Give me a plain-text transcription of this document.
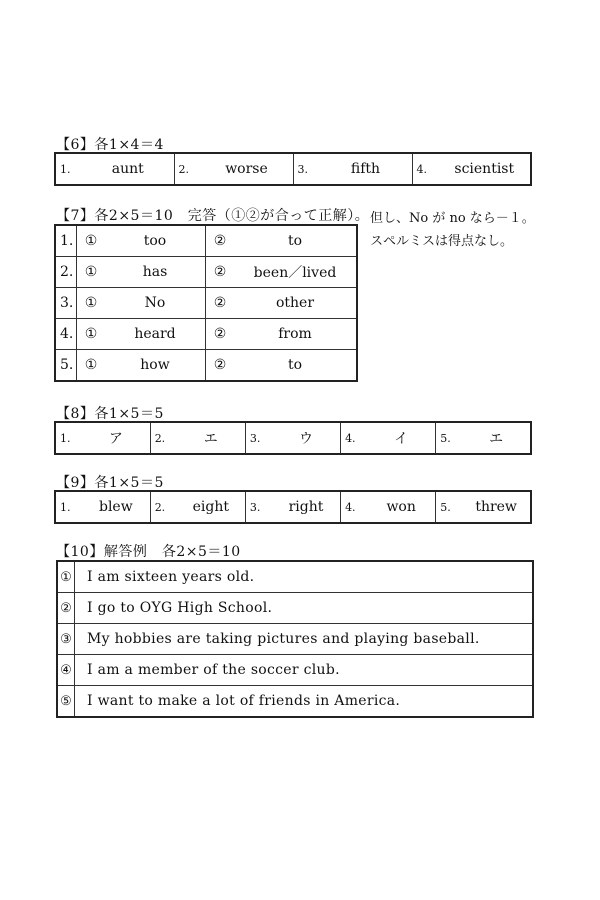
【6】各1×4＝4
1.	aunt	2.	worse	3.	fifth	4.	scientist
【7】各2×5＝10　完答（①②が合って正解）。 但し、No が no なら－１。
スペルミスは得点なし。
1.	①	too	②	to
2.	①	has	②	been／lived
3.	①	No	②	other
4.	①	heard	②	from
5.	①	how	②	to
【8】各1×5＝5
1.	ア	2.	エ	3.	ウ	4.	イ	5.	エ
【9】各1×5＝5
1.	blew	2.	eight	3.	right	4.	won	5.	threw
【10】解答例　各2×5＝10
①	I am sixteen years old.
②	I go to OYG High School.
③	My hobbies are taking pictures and playing baseball.
④	I am a member of the soccer club.
⑤	I want to make a lot of friends in America.
